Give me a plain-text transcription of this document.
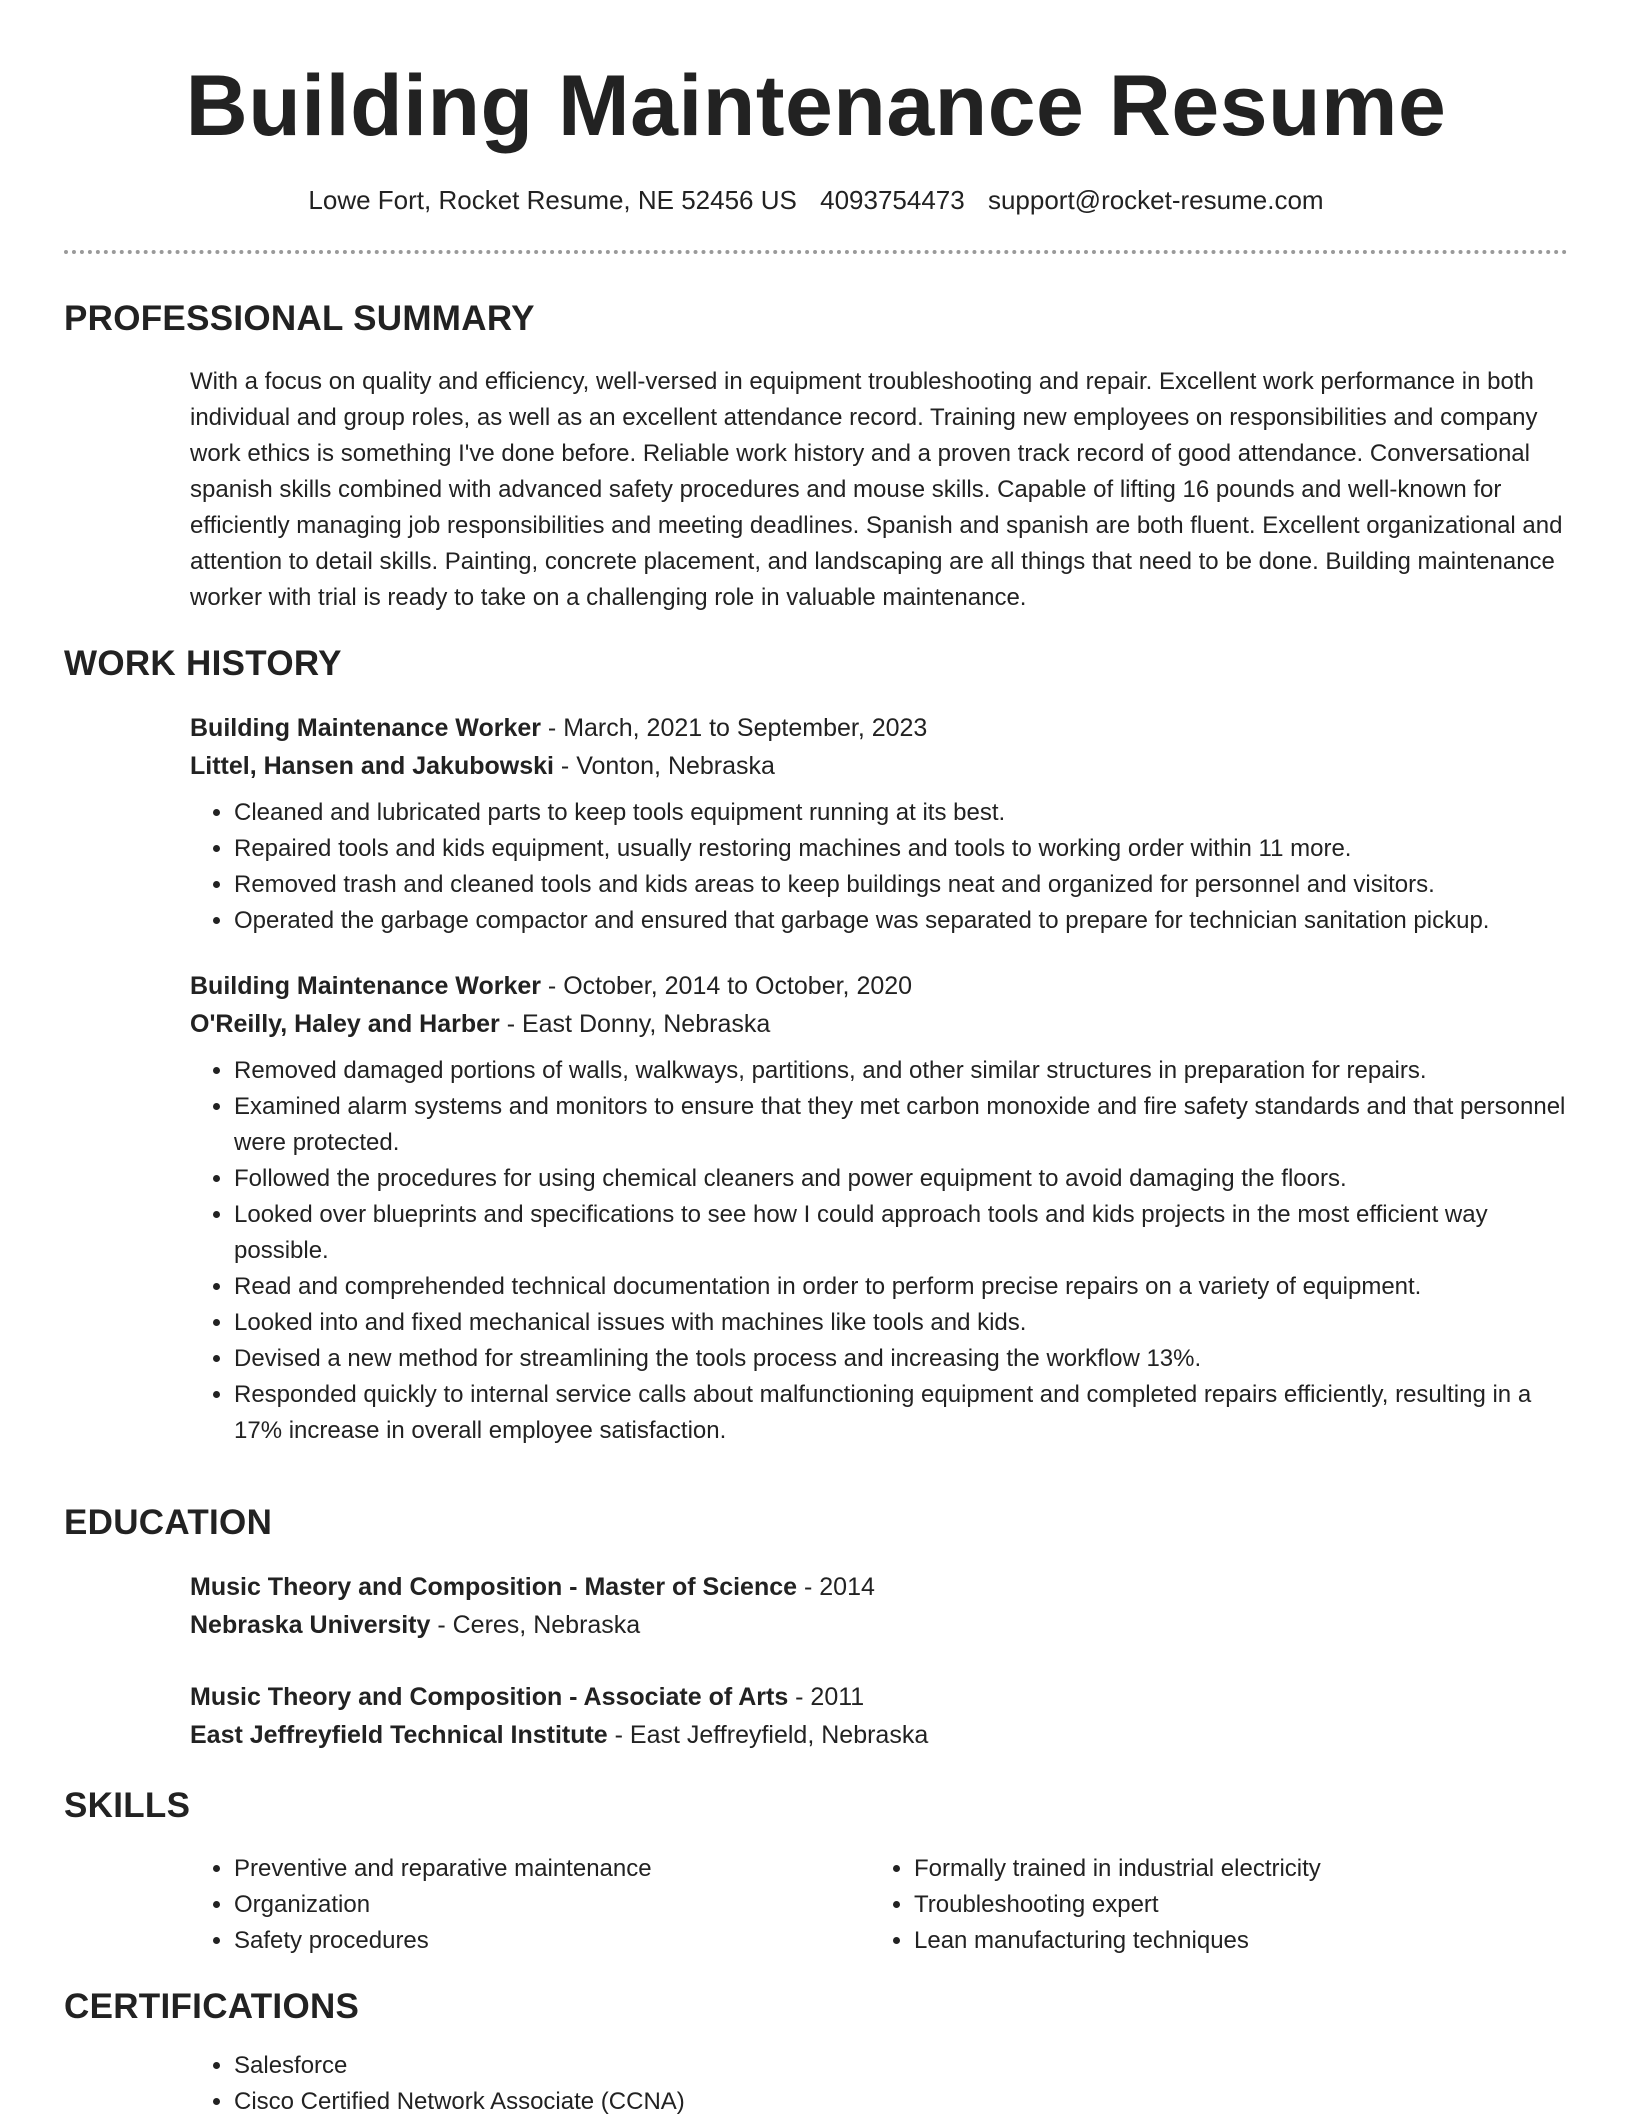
Building Maintenance Resume
Lowe Fort, Rocket Resume, NE 52456 US 4093754473 support@rocket-resume.com
PROFESSIONAL SUMMARY

With a focus on quality and efficiency, well-versed in equipment troubleshooting and repair. Excellent work performance in both individual and group roles, as well as an excellent attendance record. Training new employees on responsibilities and company work ethics is something I've done before. Reliable work history and a proven track record of good attendance. Conversational spanish skills combined with advanced safety procedures and mouse skills. Capable of lifting 16 pounds and well-known for efficiently managing job responsibilities and meeting deadlines. Spanish and spanish are both fluent. Excellent organizational and attention to detail skills. Painting, concrete placement, and landscaping are all things that need to be done. Building maintenance worker with trial is ready to take on a challenging role in valuable maintenance.

WORK HISTORY
Building Maintenance Worker - March, 2021 to September, 2023
Littel, Hansen and Jakubowski - Vonton, Nebraska
• Cleaned and lubricated parts to keep tools equipment running at its best.
• Repaired tools and kids equipment, usually restoring machines and tools to working order within 11 more.
• Removed trash and cleaned tools and kids areas to keep buildings neat and organized for personnel and visitors.
• Operated the garbage compactor and ensured that garbage was separated to prepare for technician sanitation pickup.
Building Maintenance Worker - October, 2014 to October, 2020
O'Reilly, Haley and Harber - East Donny, Nebraska
• Removed damaged portions of walls, walkways, partitions, and other similar structures in preparation for repairs.
• Examined alarm systems and monitors to ensure that they met carbon monoxide and fire safety standards and that personnel were protected.
• Followed the procedures for using chemical cleaners and power equipment to avoid damaging the floors.
• Looked over blueprints and specifications to see how I could approach tools and kids projects in the most efficient way possible.
• Read and comprehended technical documentation in order to perform precise repairs on a variety of equipment.
• Looked into and fixed mechanical issues with machines like tools and kids.
• Devised a new method for streamlining the tools process and increasing the workflow 13%.
• Responded quickly to internal service calls about malfunctioning equipment and completed repairs efficiently, resulting in a 17% increase in overall employee satisfaction.
EDUCATION
Music Theory and Composition - Master of Science - 2014
Nebraska University - Ceres, Nebraska
Music Theory and Composition - Associate of Arts - 2011
East Jeffreyfield Technical Institute - East Jeffreyfield, Nebraska
SKILLS
• Preventive and reparative maintenance
• Organization
• Safety procedures
• Formally trained in industrial electricity
• Troubleshooting expert
• Lean manufacturing techniques
CERTIFICATIONS
• Salesforce
• Cisco Certified Network Associate (CCNA)
